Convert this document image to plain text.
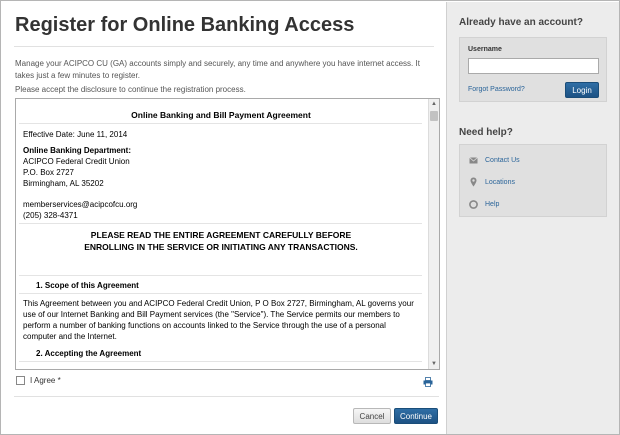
Register for Online Banking Access
Manage your ACIPCO CU (GA) accounts simply and securely, any time and anywhere you have internet access. It takes just a few minutes to register.
Please accept the disclosure to continue the registration process.
Online Banking and Bill Payment Agreement
Effective Date: June 11, 2014
Online Banking Department:
ACIPCO Federal Credit Union
P.O. Box 2727
Birmingham, AL 35202
memberservices@acipcofcu.org
(205) 328-4371
PLEASE READ THE ENTIRE AGREEMENT CAREFULLY BEFORE
ENROLLING IN THE SERVICE OR INITIATING ANY TRANSACTIONS.
1. Scope of this Agreement
This Agreement between you and ACIPCO Federal Credit Union, P O Box 2727, Birmingham, AL governs your use of our Internet Banking and Bill Payment services (the "Service"). The Service permits our members to perform a number of banking functions on accounts linked to the Service through the use of a personal computer and the Internet.
2. Accepting the Agreement
▲
▼
I Agree *
Cancel	Continue
Already have an account?
Username
Forgot Password?	Login
Need help?
Contact Us
Locations
Help
